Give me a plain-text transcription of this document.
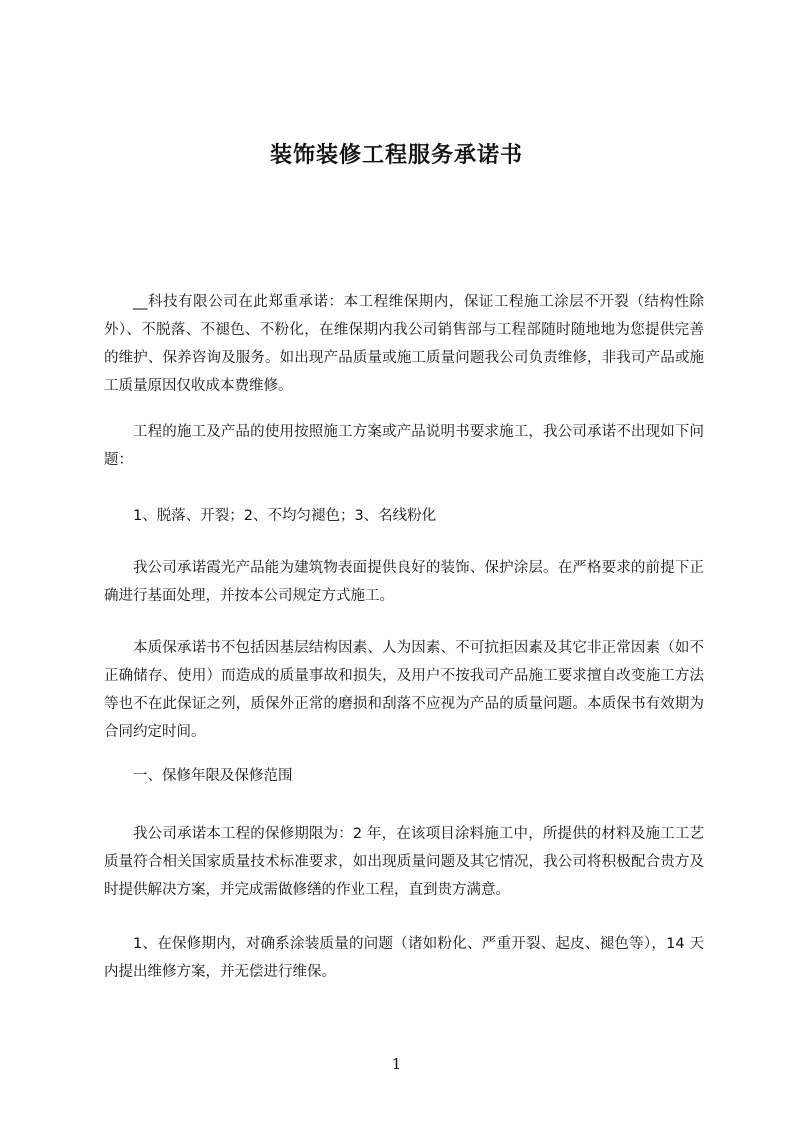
装饰装修工程服务承诺书

__科技有限公司在此郑重承诺：本工程维保期内，保证工程施工涂层不开裂（结构性除外）、不脱落、不褪色、不粉化，在维保期内我公司销售部与工程部随时随地地为您提供完善的维护、保养咨询及服务。如出现产品质量或施工质量问题我公司负责维修，非我司产品或施工质量原因仅收成本费维修。

工程的施工及产品的使用按照施工方案或产品说明书要求施工，我公司承诺不出现如下问题：

1、脱落、开裂；2、不均匀褪色；3、名线粉化

我公司承诺霞光产品能为建筑物表面提供良好的装饰、保护涂层。在严格要求的前提下正确进行基面处理，并按本公司规定方式施工。

本质保承诺书不包括因基层结构因素、人为因素、不可抗拒因素及其它非正常因素（如不正确储存、使用）而造成的质量事故和损失，及用户不按我司产品施工要求擅自改变施工方法等也不在此保证之列，质保外正常的磨损和刮落不应视为产品的质量问题。本质保书有效期为合同约定时间。

一、保修年限及保修范围

我公司承诺本工程的保修期限为：2 年，在该项目涂料施工中，所提供的材料及施工工艺质量符合相关国家质量技术标准要求，如出现质量问题及其它情况，我公司将积极配合贵方及时提供解决方案，并完成需做修缮的作业工程，直到贵方满意。

1、在保修期内，对确系涂装质量的问题（诸如粉化、严重开裂、起皮、褪色等），14 天内提出维修方案，并无偿进行维保。

1
